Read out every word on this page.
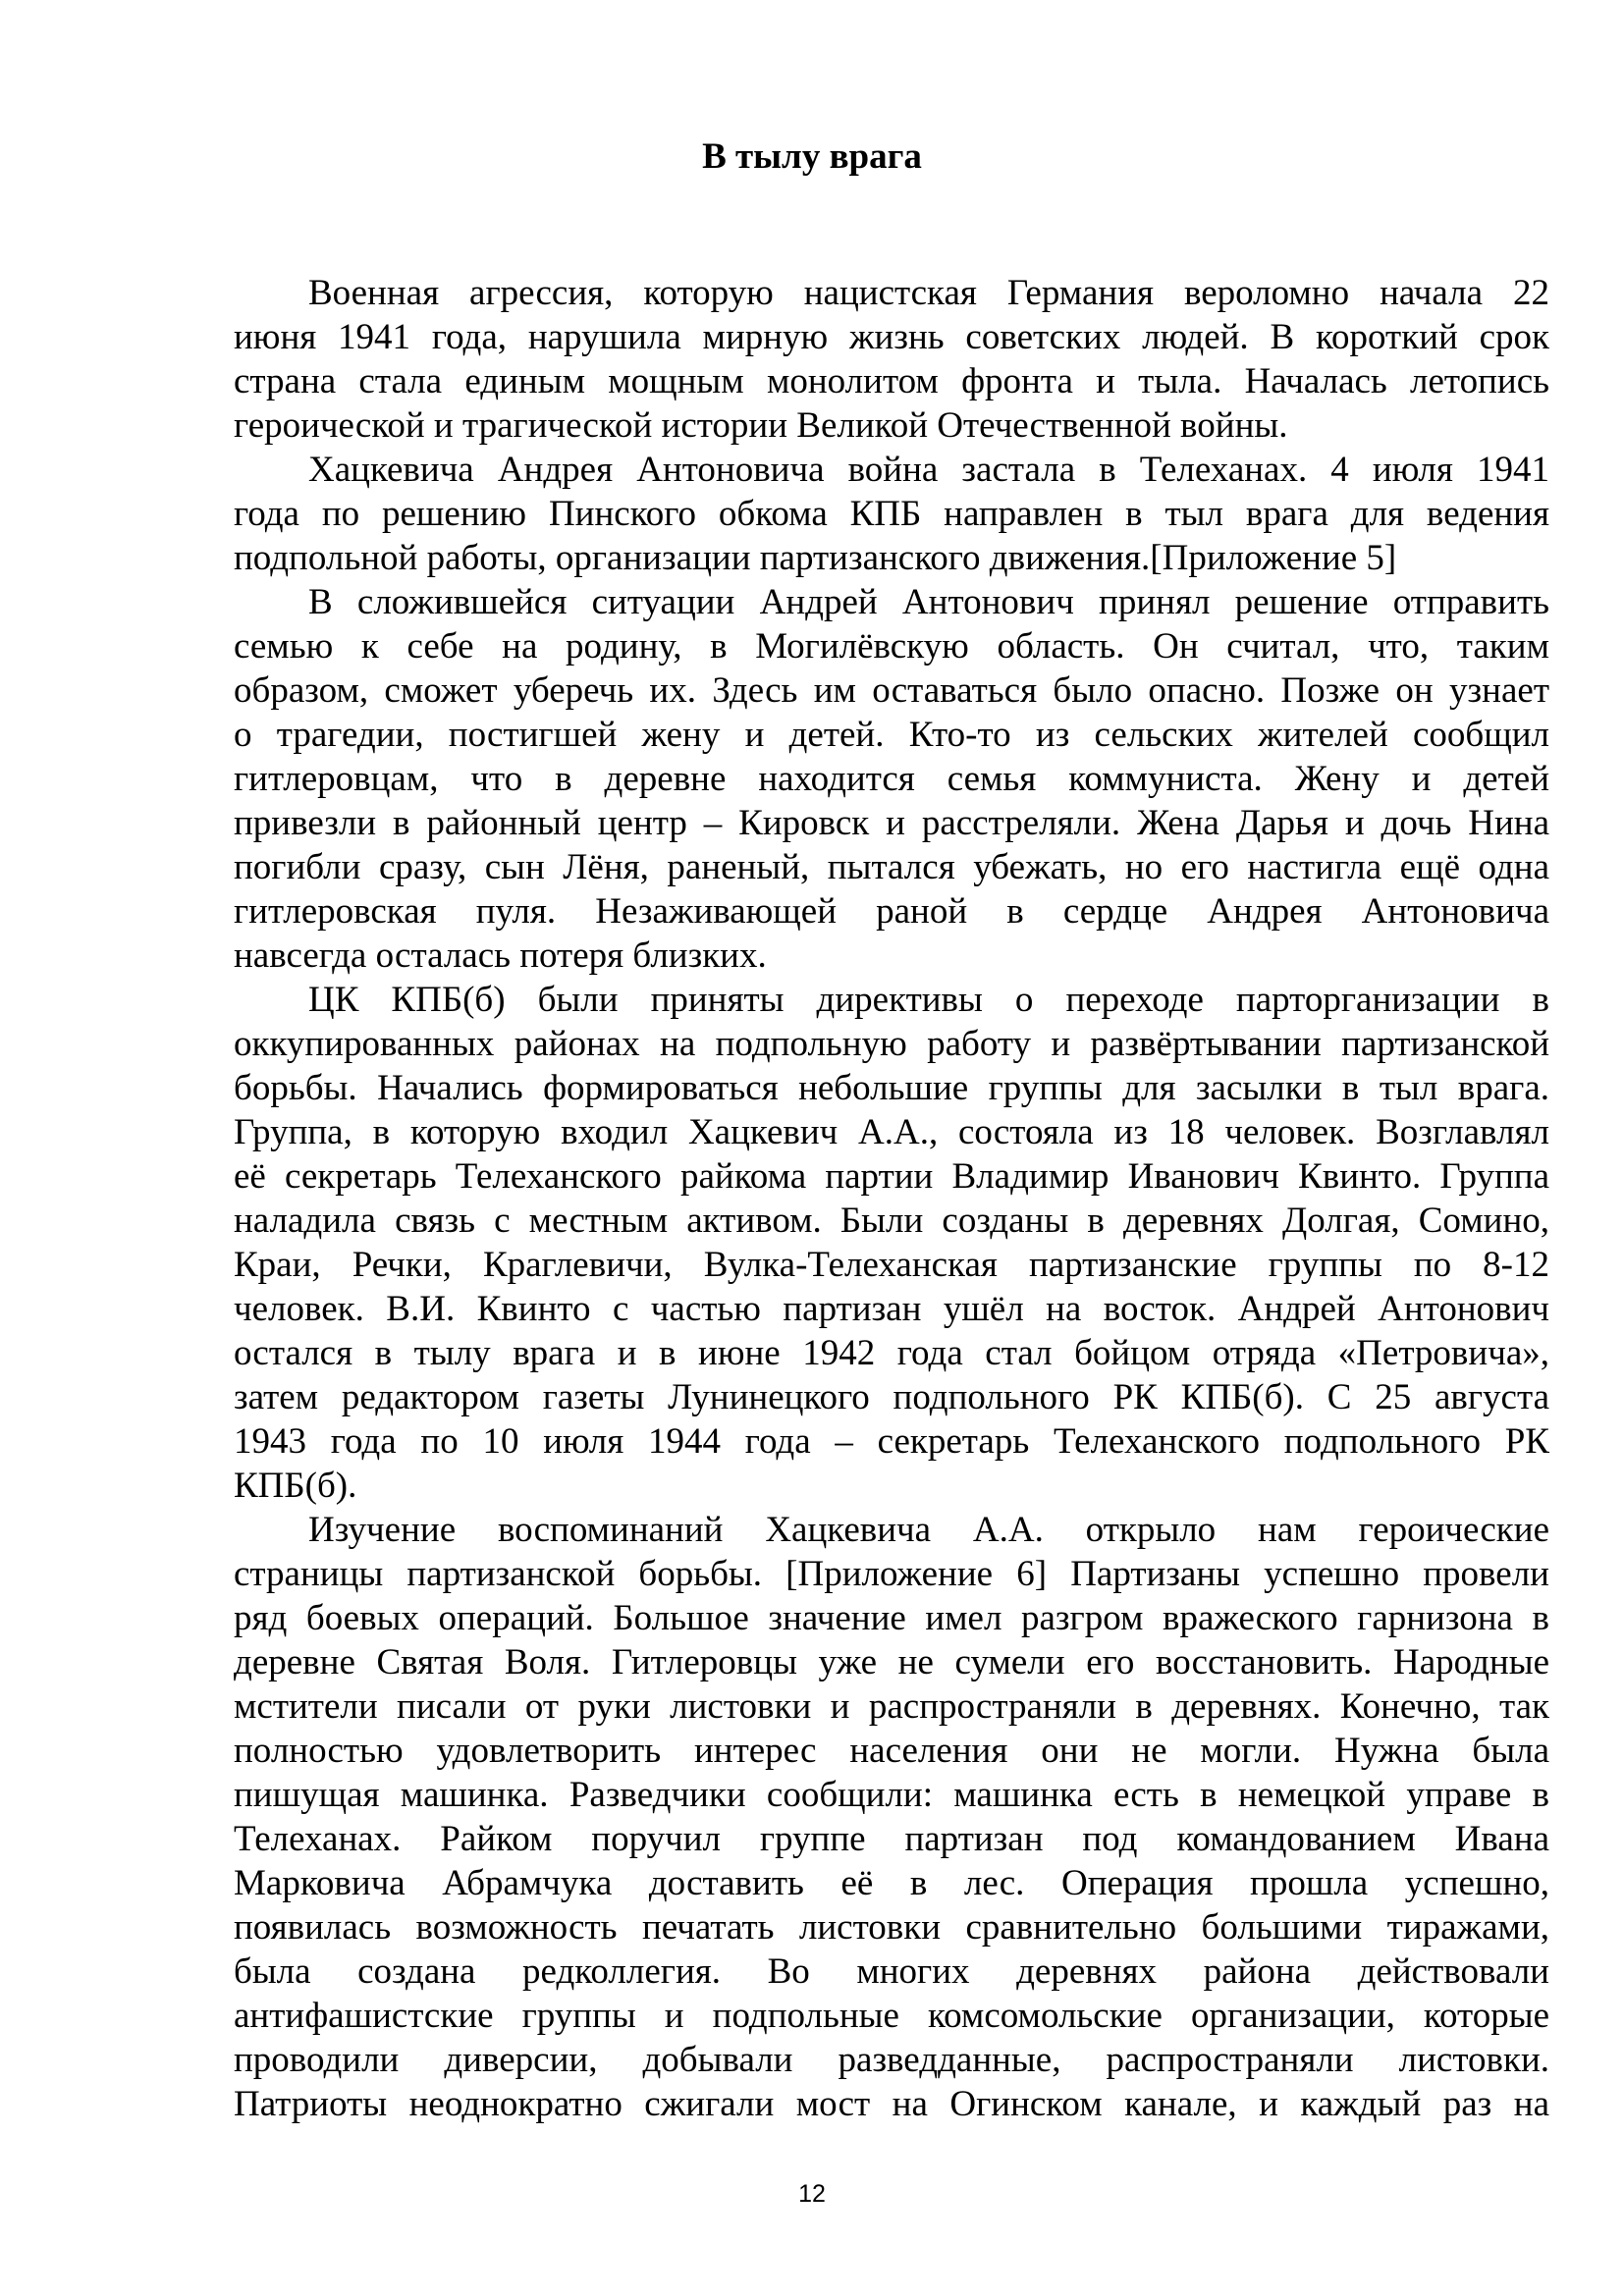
В тылу врага
Военная агрессия, которую нацистская Германия вероломно начала 22
июня 1941 года, нарушила мирную жизнь советских людей. В короткий срок
страна стала единым мощным монолитом фронта и тыла. Началась летопись
героической и трагической истории Великой Отечественной войны.
Хацкевича Андрея Антоновича война застала в Телеханах. 4 июля 1941
года по решению Пинского обкома КПБ направлен в тыл врага для ведения
подпольной работы, организации партизанского движения.[Приложение 5]
В сложившейся ситуации Андрей Антонович принял решение отправить
семью к себе на родину, в Могилёвскую область. Он считал, что, таким
образом, сможет уберечь их. Здесь им оставаться было опасно. Позже он узнает
о трагедии, постигшей жену и детей. Кто-то из сельских жителей сообщил
гитлеровцам, что в деревне находится семья коммуниста. Жену и детей
привезли в районный центр – Кировск и расстреляли. Жена Дарья и дочь Нина
погибли сразу, сын Лёня, раненый, пытался убежать, но его настигла ещё одна
гитлеровская пуля. Незаживающей раной в сердце Андрея Антоновича
навсегда осталась потеря близких.
ЦК КПБ(б) были приняты директивы о переходе парторганизации в
оккупированных районах на подпольную работу и развёртывании партизанской
борьбы. Начались формироваться небольшие группы для засылки в тыл врага.
Группа, в которую входил Хацкевич А.А., состояла из 18 человек. Возглавлял
её секретарь Телеханского райкома партии Владимир Иванович Квинто. Группа
наладила связь с местным активом. Были созданы в деревнях Долгая, Сомино,
Краи, Речки, Краглевичи, Вулка-Телеханская партизанские группы по 8-12
человек. В.И. Квинто с частью партизан ушёл на восток. Андрей Антонович
остался в тылу врага и в июне 1942 года стал бойцом отряда «Петровича»,
затем редактором газеты Лунинецкого подпольного РК КПБ(б). С 25 августа
1943 года по 10 июля 1944 года – секретарь Телеханского подпольного РК
КПБ(б).
Изучение воспоминаний Хацкевича А.А. открыло нам героические
страницы партизанской борьбы. [Приложение 6] Партизаны успешно провели
ряд боевых операций. Большое значение имел разгром вражеского гарнизона в
деревне Святая Воля. Гитлеровцы уже не сумели его восстановить. Народные
мстители писали от руки листовки и распространяли в деревнях. Конечно, так
полностью удовлетворить интерес населения они не могли. Нужна была
пишущая машинка. Разведчики сообщили: машинка есть в немецкой управе в
Телеханах. Райком поручил группе партизан под командованием Ивана
Марковича Абрамчука доставить её в лес. Операция прошла успешно,
появилась возможность печатать листовки сравнительно большими тиражами,
была создана редколлегия. Во многих деревнях района действовали
антифашистские группы и подпольные комсомольские организации, которые
проводили диверсии, добывали разведданные, распространяли листовки.
Патриоты неоднократно сжигали мост на Огинском канале, и каждый раз на
12
